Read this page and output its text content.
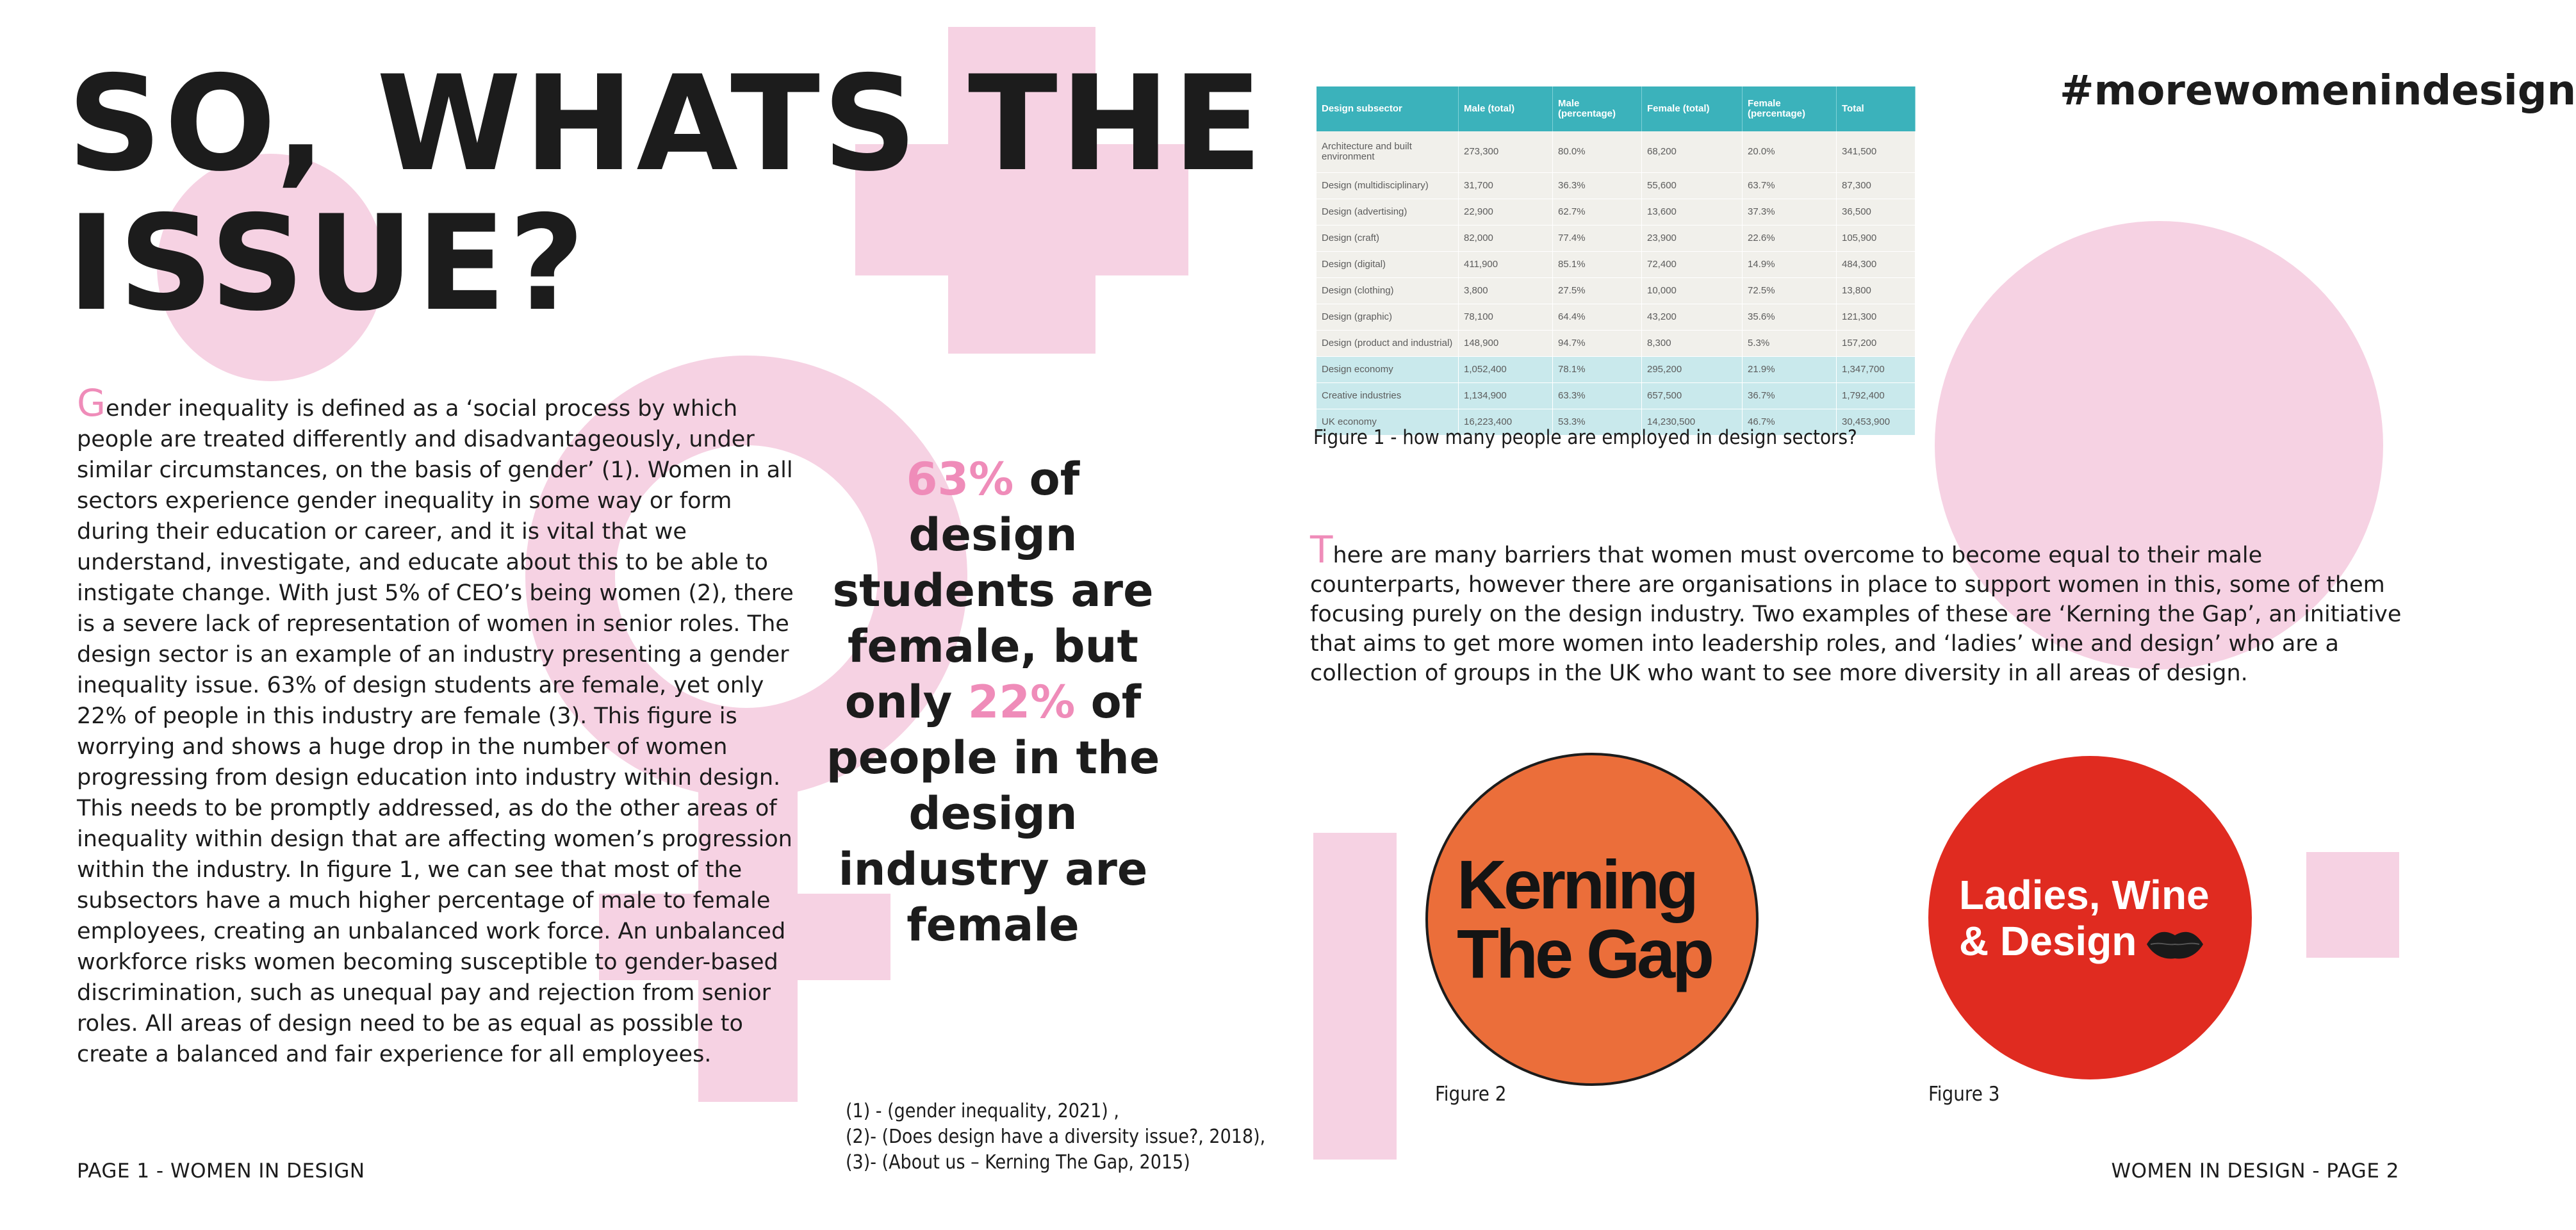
SO, WHATS THE
ISSUE?

Gender inequality is defined as a ‘social process by which people are treated differently and disadvantageously, under similar circumstances, on the basis of gender’ (1). Women in all sectors experience gender inequality in some way or form during their education or career, and it is vital that we understand, investigate, and educate about this to be able to instigate change. With just 5% of CEO’s being women (2), there is a severe lack of representation of women in senior roles. The design sector is an example of an industry presenting a gender inequality issue. 63% of design students are female, yet only 22% of people in this industry are female (3). This figure is worrying and shows a huge drop in the number of women progressing from design education into industry within design. This needs to be promptly addressed, as do the other areas of inequality within design that are affecting women’s progression within the industry. In figure 1, we can see that most of the subsectors have a much higher percentage of male to female employees, creating an unbalanced work force. An unbalanced workforce risks women becoming susceptible to gender-based discrimination, such as unequal pay and rejection from senior roles. All areas of design need to be as equal as possible to create a balanced and fair experience for all employees.

63% of design students are female, but only 22% of people in the design industry are female

(1) - (gender inequality, 2021) ,
(2)- (Does design have a diversity issue?, 2018),
(3)- (About us – Kerning The Gap, 2015)
PAGE 1 - WOMEN IN DESIGN
#morewomenindesign
Design subsector	Male (total)	Male (percentage)	Female (total)	Female (percentage)	Total
Architecture and built environment	273,300	80.0%	68,200	20.0%	341,500
Design (multidisciplinary)	31,700	36.3%	55,600	63.7%	87,300
Design (advertising)	22,900	62.7%	13,600	37.3%	36,500
Design (craft)	82,000	77.4%	23,900	22.6%	105,900
Design (digital)	411,900	85.1%	72,400	14.9%	484,300
Design (clothing)	3,800	27.5%	10,000	72.5%	13,800
Design (graphic)	78,100	64.4%	43,200	35.6%	121,300
Design (product and industrial)	148,900	94.7%	8,300	5.3%	157,200
Design economy	1,052,400	78.1%	295,200	21.9%	1,347,700
Creative industries	1,134,900	63.3%	657,500	36.7%	1,792,400
UK economy	16,223,400	53.3%	14,230,500	46.7%	30,453,900
Figure 1 - how many people are employed in design sectors?

There are many barriers that women must overcome to become equal to their male counterparts, however there are organisations in place to support women in this, some of them focusing purely on the design industry. Two examples of these are ‘Kerning the Gap’, an initiative that aims to get more women into leadership roles, and ‘ladies’ wine and design’ who are a collection of groups in the UK who want to see more diversity in all areas of design.

Kerning
The Gap
Ladies, Wine
& Design
Figure 2	Figure 3
WOMEN IN DESIGN - PAGE 2
